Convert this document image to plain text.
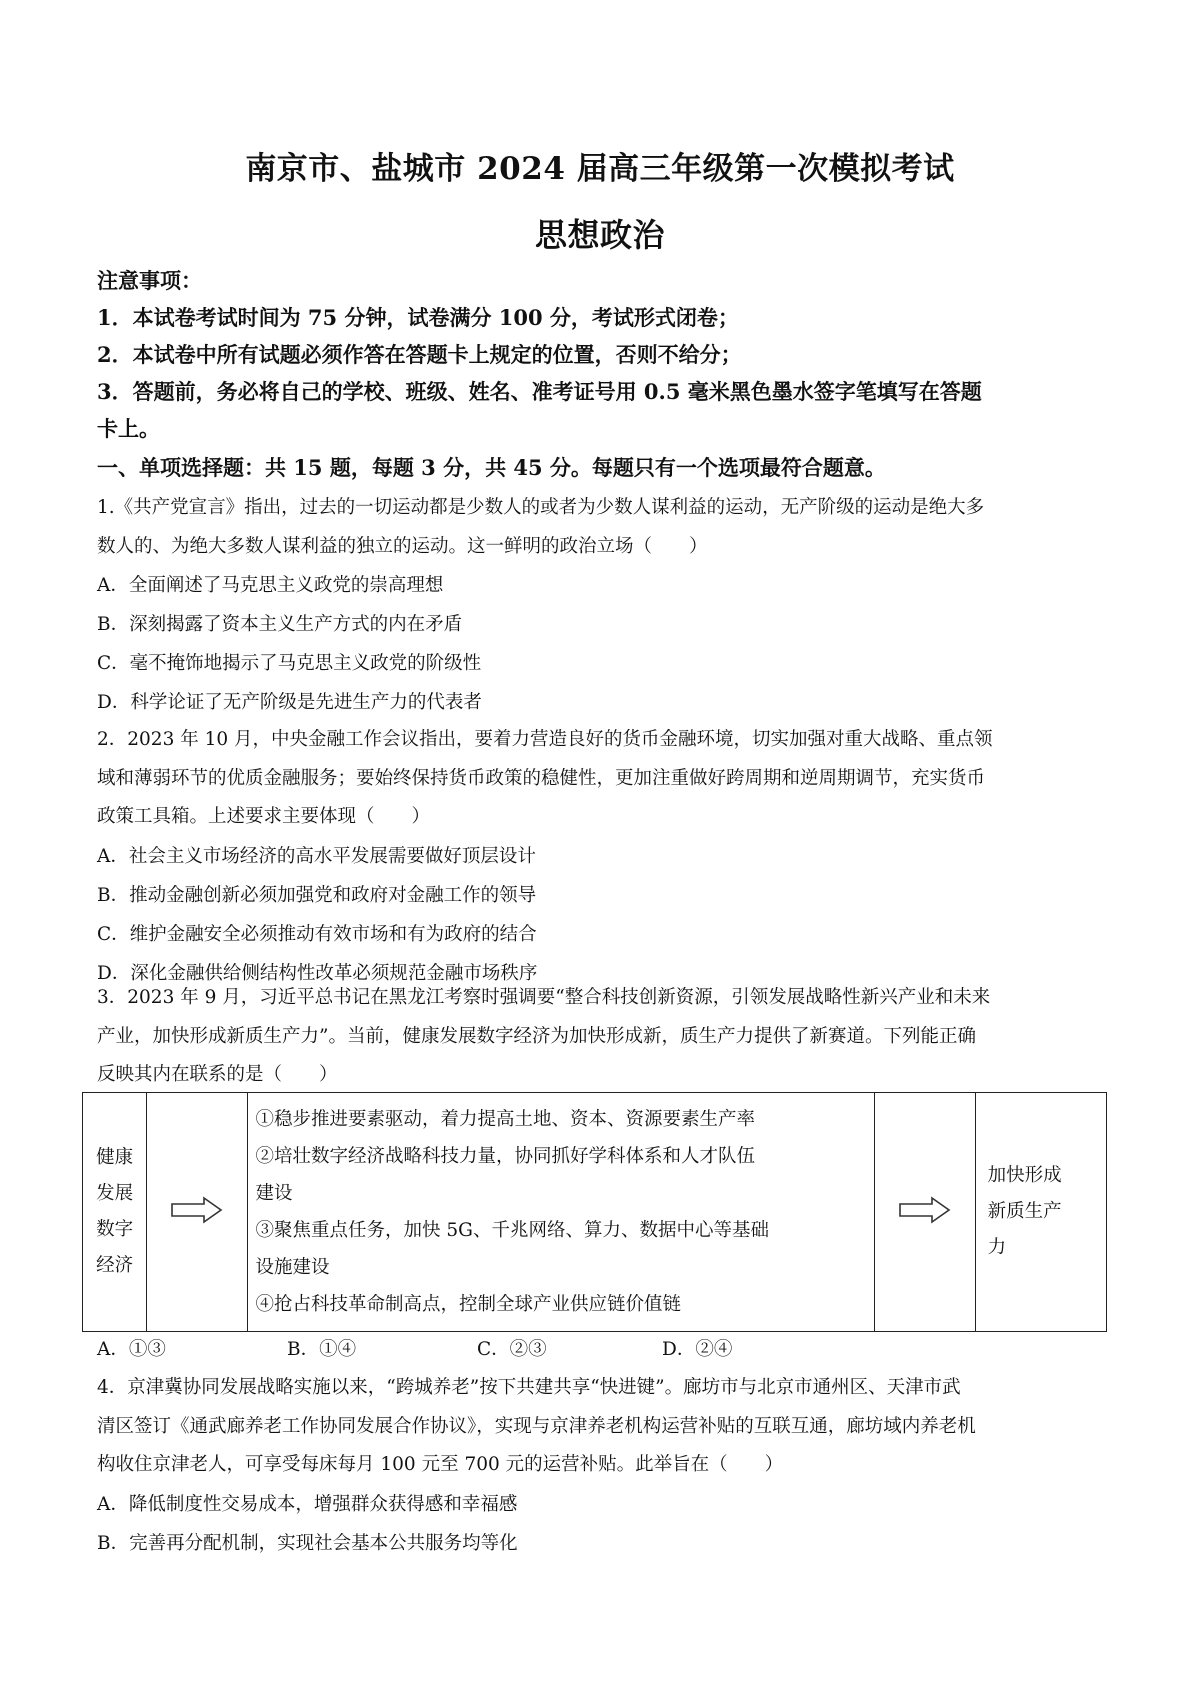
南京市、盐城市 2024 届高三年级第一次模拟考试
思想政治
注意事项：
1．本试卷考试时间为 75 分钟，试卷满分 100 分，考试形式闭卷；
2．本试卷中所有试题必须作答在答题卡上规定的位置，否则不给分；
3．答题前，务必将自己的学校、班级、姓名、准考证号用 0.5 毫米黑色墨水签字笔填写在答题
卡上。
一、单项选择题：共 15 题，每题 3 分，共 45 分。每题只有一个选项最符合题意。

1.《共产党宣言》指出，过去的一切运动都是少数人的或者为少数人谋利益的运动，无产阶级的运动是绝大多

数人的、为绝大多数人谋利益的独立的运动。这一鲜明的政治立场（　　）

A．全面阐述了马克思主义政党的崇高理想

B．深刻揭露了资本主义生产方式的内在矛盾

C．毫不掩饰地揭示了马克思主义政党的阶级性

D．科学论证了无产阶级是先进生产力的代表者

2．2023 年 10 月，中央金融工作会议指出，要着力营造良好的货币金融环境，切实加强对重大战略、重点领

域和薄弱环节的优质金融服务；要始终保持货币政策的稳健性，更加注重做好跨周期和逆周期调节，充实货币

政策工具箱。上述要求主要体现（　　）

A．社会主义市场经济的高水平发展需要做好顶层设计

B．推动金融创新必须加强党和政府对金融工作的领导

C．维护金融安全必须推动有效市场和有为政府的结合

D．深化金融供给侧结构性改革必须规范金融市场秩序

3．2023 年 9 月，习近平总书记在黑龙江考察时强调要“整合科技创新资源，引领发展战略性新兴产业和未来

产业，加快形成新质生产力”。当前，健康发展数字经济为加快形成新，质生产力提供了新赛道。下列能正确

反映其内在联系的是（　　）

健康
发展
数字
经济

①稳步推进要素驱动，着力提高土地、资本、资源要素生产率
②培壮数字经济战略科技力量，协同抓好学科体系和人才队伍
建设
③聚焦重点任务，加快 5G、千兆网络、算力、数据中心等基础
设施建设
④抢占科技革命制高点，控制全球产业供应链价值链

加快形成
新质生产
力
A．①③	B．①④	C．②③	D．②④

4．京津冀协同发展战略实施以来，“跨城养老”按下共建共享“快进键”。廊坊市与北京市通州区、天津市武

清区签订《通武廊养老工作协同发展合作协议》，实现与京津养老机构运营补贴的互联互通，廊坊域内养老机

构收住京津老人，可享受每床每月 100 元至 700 元的运营补贴。此举旨在（　　）

A．降低制度性交易成本，增强群众获得感和幸福感

B．完善再分配机制，实现社会基本公共服务均等化
